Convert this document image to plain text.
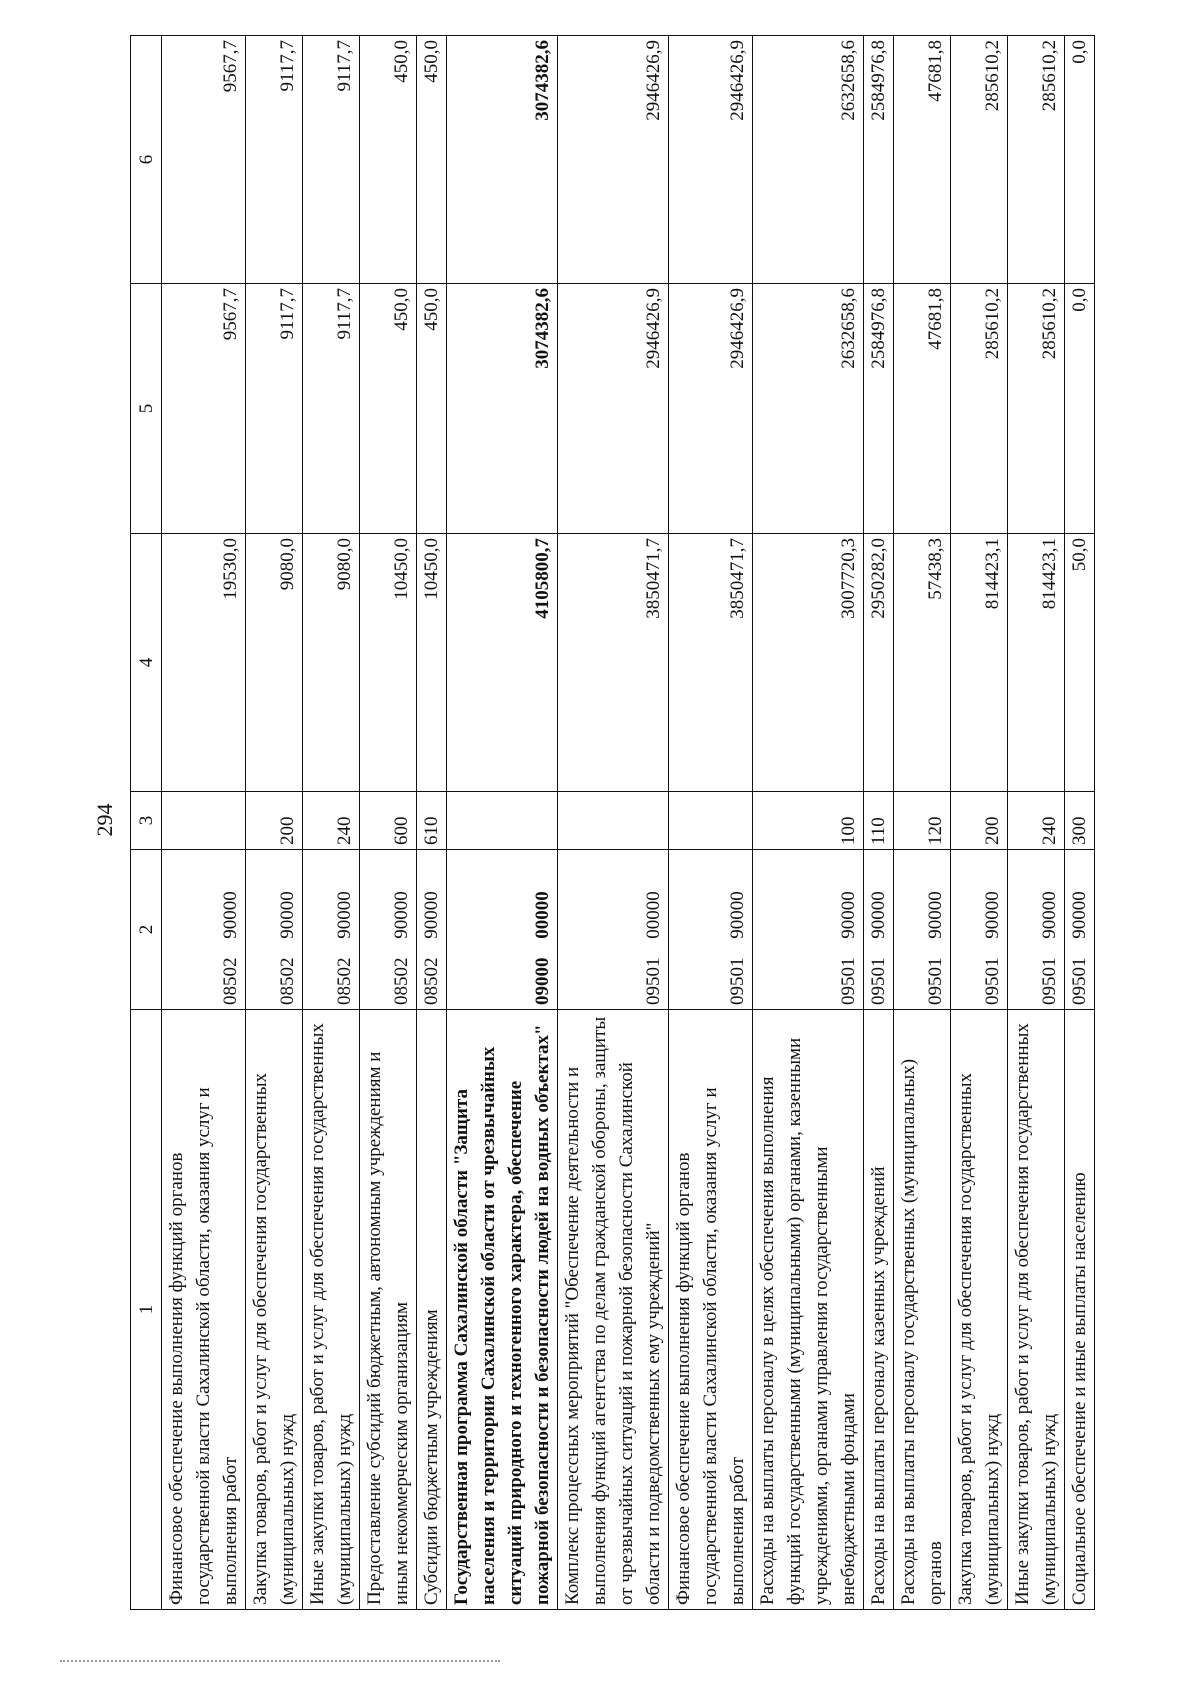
294
1	2	3	4	5	6
Финансовое обеспечение выполнения функций органов государственной власти Сахалинской области, оказания услуг и выполнения работ	08502 90000		19530,0	9567,7	9567,7
Закупка товаров, работ и услуг для обеспечения государственных (муниципальных) нужд	08502 90000	200	9080,0	9117,7	9117,7
Иные закупки товаров, работ и услуг для обеспечения государственных (муниципальных) нужд	08502 90000	240	9080,0	9117,7	9117,7
Предоставление субсидий бюджетным, автономным учреждениям и иным некоммерческим организациям	08502 90000	600	10450,0	450,0	450,0
Субсидии бюджетным учреждениям	08502 90000	610	10450,0	450,0	450,0
Государственная программа Сахалинской области "Защита населения и территории Сахалинской области от чрезвычайных ситуаций природного и техногенного характера, обеспечение пожарной безопасности и безопасности людей на водных объектах"	09000 00000		4105800,7	3074382,6	3074382,6
Комплекс процессных мероприятий "Обеспечение деятельности и выполнения функций агентства по делам гражданской обороны, защиты от чрезвычайных ситуаций и пожарной безопасности Сахалинской области и подведомственных ему учреждений"	09501 00000		3850471,7	2946426,9	2946426,9
Финансовое обеспечение выполнения функций органов государственной власти Сахалинской области, оказания услуг и выполнения работ	09501 90000		3850471,7	2946426,9	2946426,9
Расходы на выплаты персоналу в целях обеспечения выполнения функций государственными (муниципальными) органами, казенными учреждениями, органами управления государственными внебюджетными фондами	09501 90000	100	3007720,3	2632658,6	2632658,6
Расходы на выплаты персоналу казенных учреждений	09501 90000	110	2950282,0	2584976,8	2584976,8
Расходы на выплаты персоналу государственных (муниципальных) органов	09501 90000	120	57438,3	47681,8	47681,8
Закупка товаров, работ и услуг для обеспечения государственных (муниципальных) нужд	09501 90000	200	814423,1	285610,2	285610,2
Иные закупки товаров, работ и услуг для обеспечения государственных (муниципальных) нужд	09501 90000	240	814423,1	285610,2	285610,2
Социальное обеспечение и иные выплаты населению	09501 90000	300	50,0	0,0	0,0
